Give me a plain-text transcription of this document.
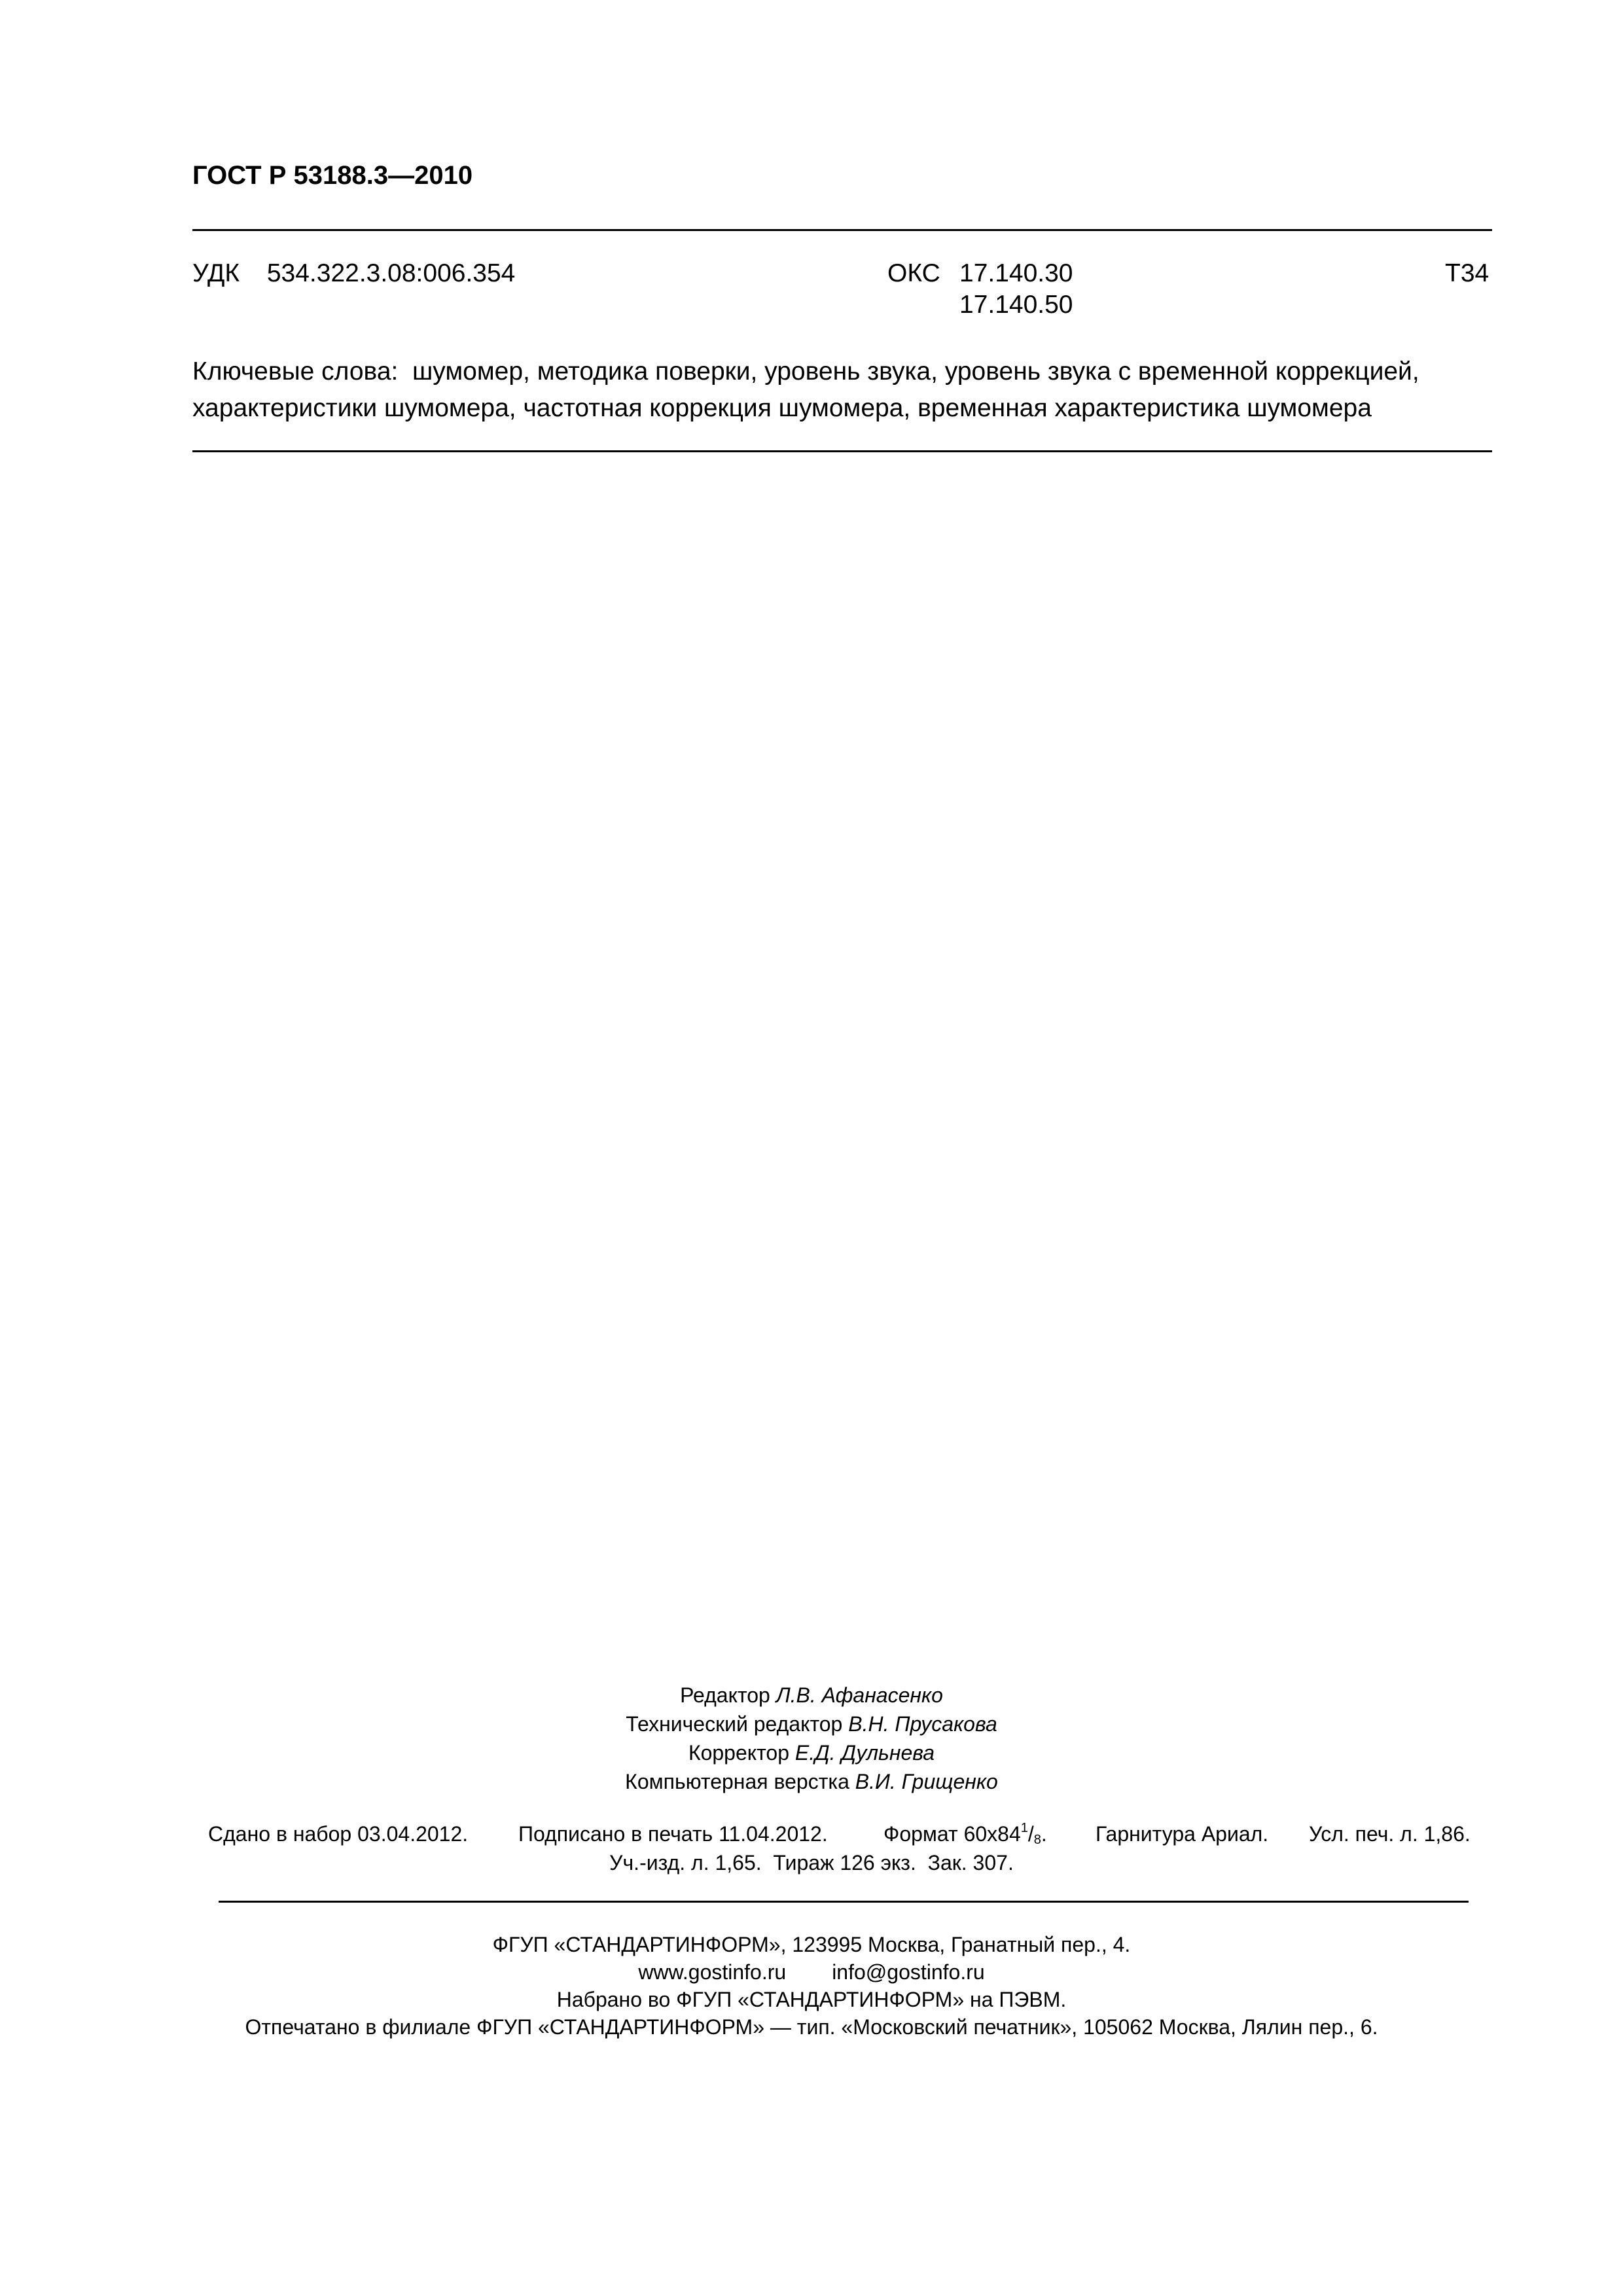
ГОСТ Р 53188.3—2010
УДК 534.322.3.08:006.354	ОКС 17.140.30
17.140.50
Т34
Ключевые слова: шумомер, методика поверки, уровень звука, уровень звука с временной коррекцией,
характеристики шумомера, частотная коррекция шумомера, временная характеристика шумомера
Редактор Л.В. Афанасенко
Технический редактор В.Н. Прусакова
Корректор Е.Д. Дульнева
Компьютерная верстка В.И. Грищенко
Сдано в набор 03.04.2012. Подписано в печать 11.04.2012.	Формат $60х84^1/_8$. Гарнитура Ариал. Усл. печ. л. 1,86.
Уч.-изд. л. 1,65. Тираж 126 экз. Зак. 307.
ФГУП «СТАНДАРТИНФОРМ», 123995 Москва, Гранатный пер., 4.
www.gostinfo.ru info@gostinfo.ru
Набрано во ФГУП «СТАНДАРТИНФОРМ» на ПЭВМ.
Отпечатано в филиале ФГУП «СТАНДАРТИНФОРМ» — тип. «Московский печатник», 105062 Москва, Лялин пер., 6.
